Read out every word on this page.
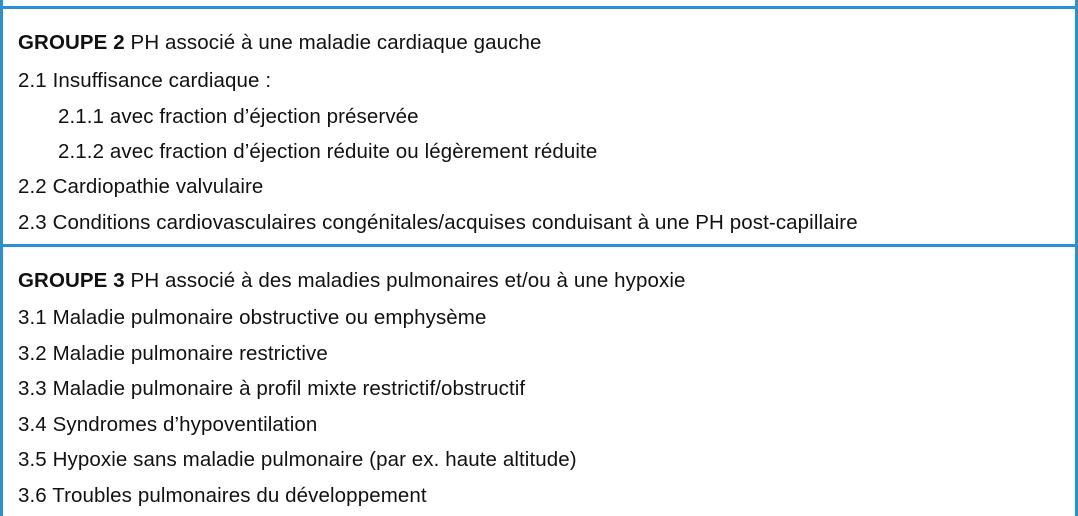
GROUPE 2 PH associé à une maladie cardiaque gauche
2.1 Insuffisance cardiaque :
2.1.1 avec fraction d’éjection préservée
2.1.2 avec fraction d’éjection réduite ou légèrement réduite
2.2 Cardiopathie valvulaire
2.3 Conditions cardiovasculaires congénitales/acquises conduisant à une PH post-capillaire
GROUPE 3 PH associé à des maladies pulmonaires et/ou à une hypoxie
3.1 Maladie pulmonaire obstructive ou emphysème
3.2 Maladie pulmonaire restrictive
3.3 Maladie pulmonaire à profil mixte restrictif/obstructif
3.4 Syndromes d’hypoventilation
3.5 Hypoxie sans maladie pulmonaire (par ex. haute altitude)
3.6 Troubles pulmonaires du développement
